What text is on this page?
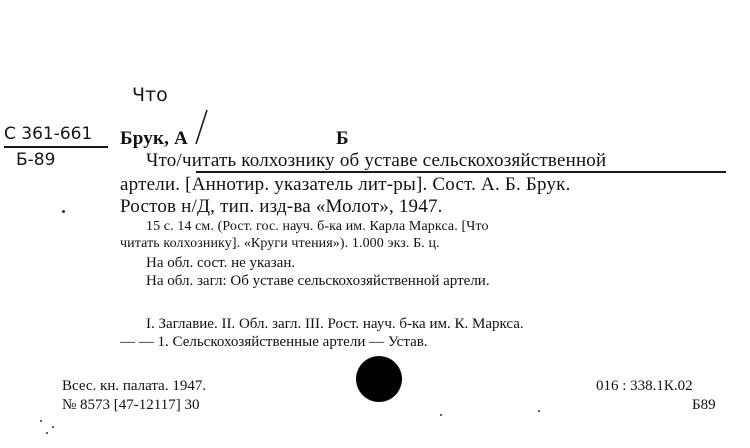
Что
С 361-661
Б-89
Брук, А	Б
Что/читать колхознику об уставе сельскохозяйственной
артели. [Аннотир. указатель лит-ры]. Сост. А. Б. Брук.
Ростов н/Д, тип. изд-ва «Молот», 1947.
15 с. 14 см. (Рост. гос. науч. б-ка им. Карла Маркса. [Что
читать колхознику]. «Круги чтения»). 1.000 экз. Б. ц.
На обл. сост. не указан.
На обл. загл: Об уставе сельскохозяйственной артели.
I. Заглавие. II. Обл. загл. III. Рост. науч. б-ка им. К. Маркса.
— — 1. Сельскохозяйственные артели — Устав.
Всес. кн. палата. 1947.
№ 8573 [47-12117] 30
016 : 338.1К.02
Б89
